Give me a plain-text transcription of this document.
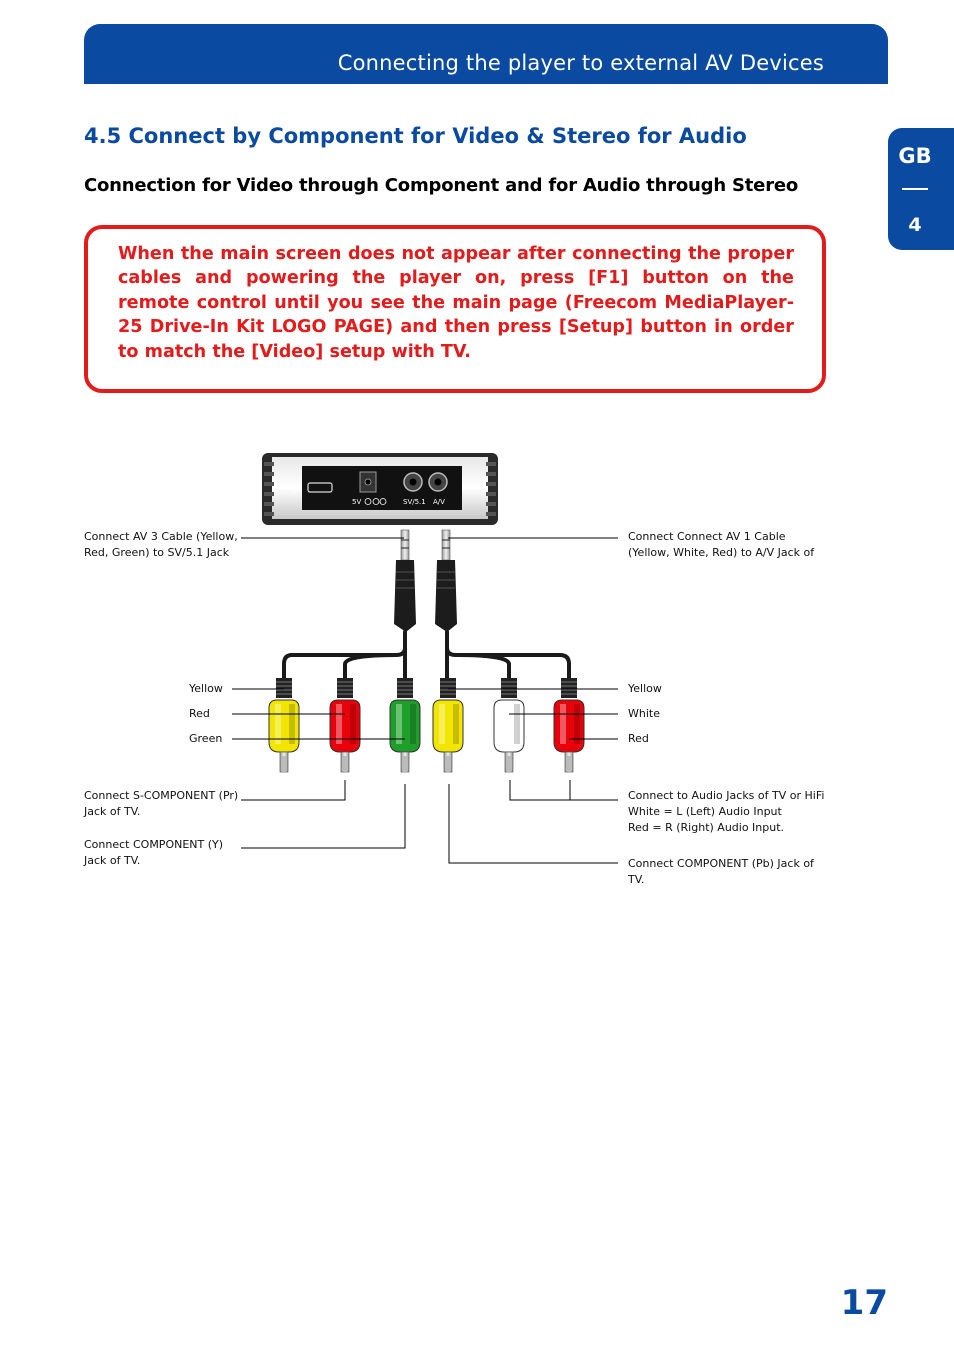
Connecting the player to external AV Devices
GB
4
4.5 Connect by Component for Video & Stereo for Audio
Connection for Video through Component and for Audio through Stereo
When the main screen does not appear after connecting the proper cables and powering the player on, press [F1] button on the remote control until you see the main page (Freecom MediaPlayer-25 Drive-In Kit LOGO PAGE) and then press [Setup] button in order to match the [Video] setup with TV.
5V	SV/5.1 A/V
Connect AV 3 Cable (Yellow,
Red, Green) to SV/5.1 Jack
Connect Connect AV 1 Cable
(Yellow, White, Red) to A/V Jack of
Yellow
Red
Green
Yellow
White
Red
Connect S-COMPONENT (Pr)
Jack of TV.
Connect COMPONENT (Y)
Jack of TV.
Connect to Audio Jacks of TV or HiFi
White = L (Left) Audio Input
Red = R (Right) Audio Input.
Connect COMPONENT (Pb) Jack of
TV.
17
